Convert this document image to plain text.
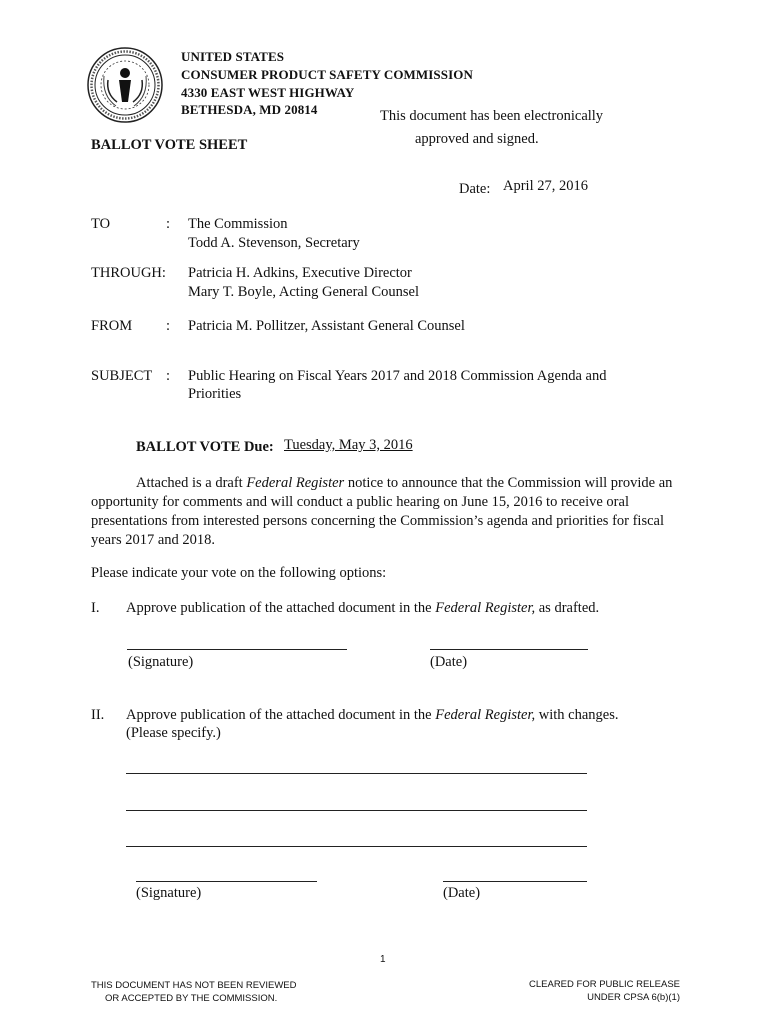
UNITED STATES
CONSUMER PRODUCT SAFETY COMMISSION
4330 EAST WEST HIGHWAY
BETHESDA, MD 20814	This document has been electronically
approved and signed.
BALLOT VOTE SHEET
Date: April 27, 2016
TO	: The Commission
Todd A. Stevenson, Secretary
THROUGH: Patricia H. Adkins, Executive Director
Mary T. Boyle, Acting General Counsel
FROM : Patricia M. Pollitzer, Assistant General Counsel
SUBJECT : Public Hearing on Fiscal Years 2017 and 2018 Commission Agenda and
Priorities
BALLOT VOTE Due: Tuesday, May 3, 2016
Attached is a draft Federal Register notice to announce that the Commission will provide an opportunity for comments and will conduct a public hearing on June 15, 2016 to receive oral presentations from interested persons concerning the Commission’s agenda and priorities for fiscal years 2017 and 2018.
Please indicate your vote on the following options:
I. Approve publication of the attached document in the Federal Register, as drafted.
(Signature)	(Date)
II. Approve publication of the attached document in the Federal Register, with changes.
(Please specify.)
(Signature)	(Date)
1
THIS DOCUMENT HAS NOT BEEN REVIEWED
OR ACCEPTED BY THE COMMISSION.
CLEARED FOR PUBLIC RELEASE
UNDER CPSA 6(b)(1)
